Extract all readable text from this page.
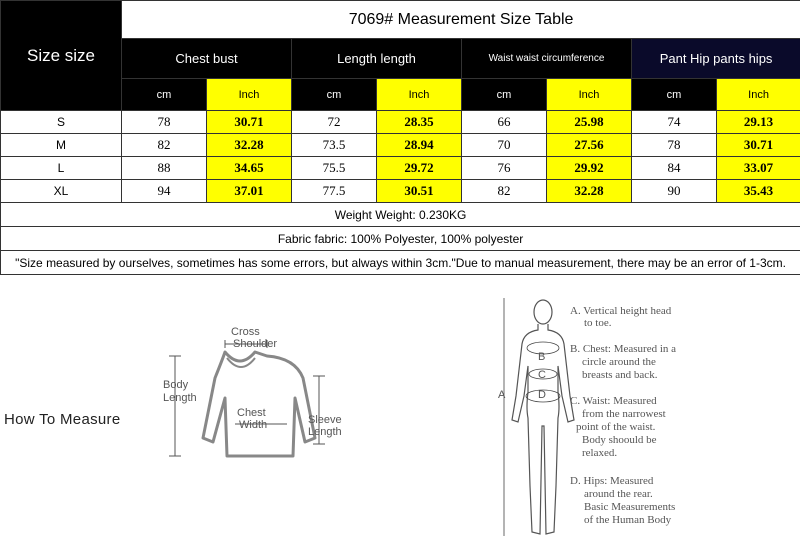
Size size	7069# Measurement Size Table							
	Chest bust		Length length		Waist waist circumference		Pant Hip pants hips	
	cm	Inch	cm	Inch	cm	Inch	cm	Inch
S	78	30.71	72	28.35	66	25.98	74	29.13
M	82	32.28	73.5	28.94	70	27.56	78	30.71
L	88	34.65	75.5	29.72	76	29.92	84	33.07
XL	94	37.01	77.5	30.51	82	32.28	90	35.43
Weight Weight: 0.230KG								
Fabric fabric: 100% Polyester, 100% polyester								
"Size measured by ourselves, sometimes has some errors, but always within 3cm."Due to manual measurement, there may be an error of 1-3cm.								
How To Measure
Cross
Shoulder
Body
Length
Chest
Width	Sleeve
Length
A
B
C
D
A. Vertical height head
to toe.
B. Chest: Measured in a
circle around the
breasts and back.
C. Waist: Measured
from the narrowest
point of the waist.
Body shoould be
relaxed.
D. Hips: Measured
around the rear.
Basic Measurements
of the Human Body
